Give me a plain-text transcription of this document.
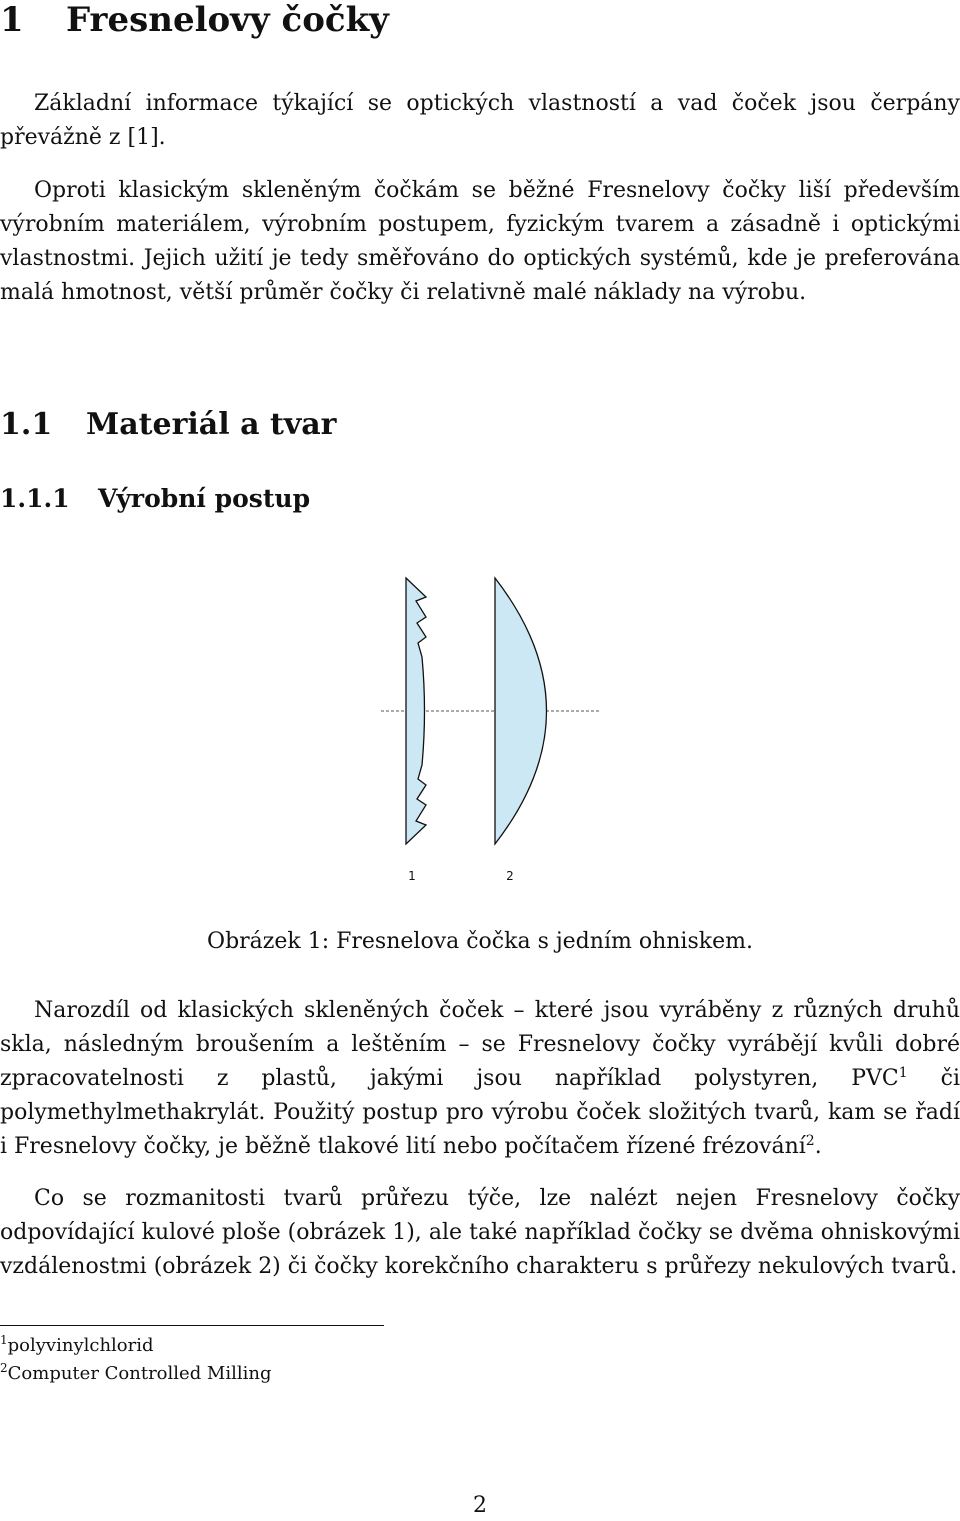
1 Fresnelovy čočky

Základní informace týkající se optických vlastností a vad čoček jsou čerpány převážně z [1].

Oproti klasickým skleněným čočkám se běžné Fresnelovy čočky liší především výrobním materiálem, výrobním postupem, fyzickým tvarem a zásadně i optickými vlastnostmi. Jejich užití je tedy směřováno do optických systémů, kde je preferována malá hmotnost, větší průměr čočky či relativně malé náklady na výrobu.

1.1 Materiál a tvar
1.1.1 Výrobní postup
1	2
Obrázek 1: Fresnelova čočka s jedním ohniskem.

Narozdíl od klasických skleněných čoček – které jsou vyráběny z různých druhů skla, následným broušením a leštěním – se Fresnelovy čočky vyrábějí kvůli dobré zpracovatelnosti z plastů, jakými jsou například polystyren, PVC$^1$ či polymethylmethakrylát. Použitý postup pro výrobu čoček složitých tvarů, kam se řadí i Fresnelovy čočky, je běžně tlakové lití nebo počítačem řízené frézování$^2$.

Co se rozmanitosti tvarů průřezu týče, lze nalézt nejen Fresnelovy čočky odpovídající kulové ploše (obrázek 1), ale také například čočky se dvěma ohniskovými vzdálenostmi (obrázek 2) či čočky korekčního charakteru s průřezy nekulových tvarů.

$^1$polyvinylchlorid
$^2$Computer Controlled Milling
2
